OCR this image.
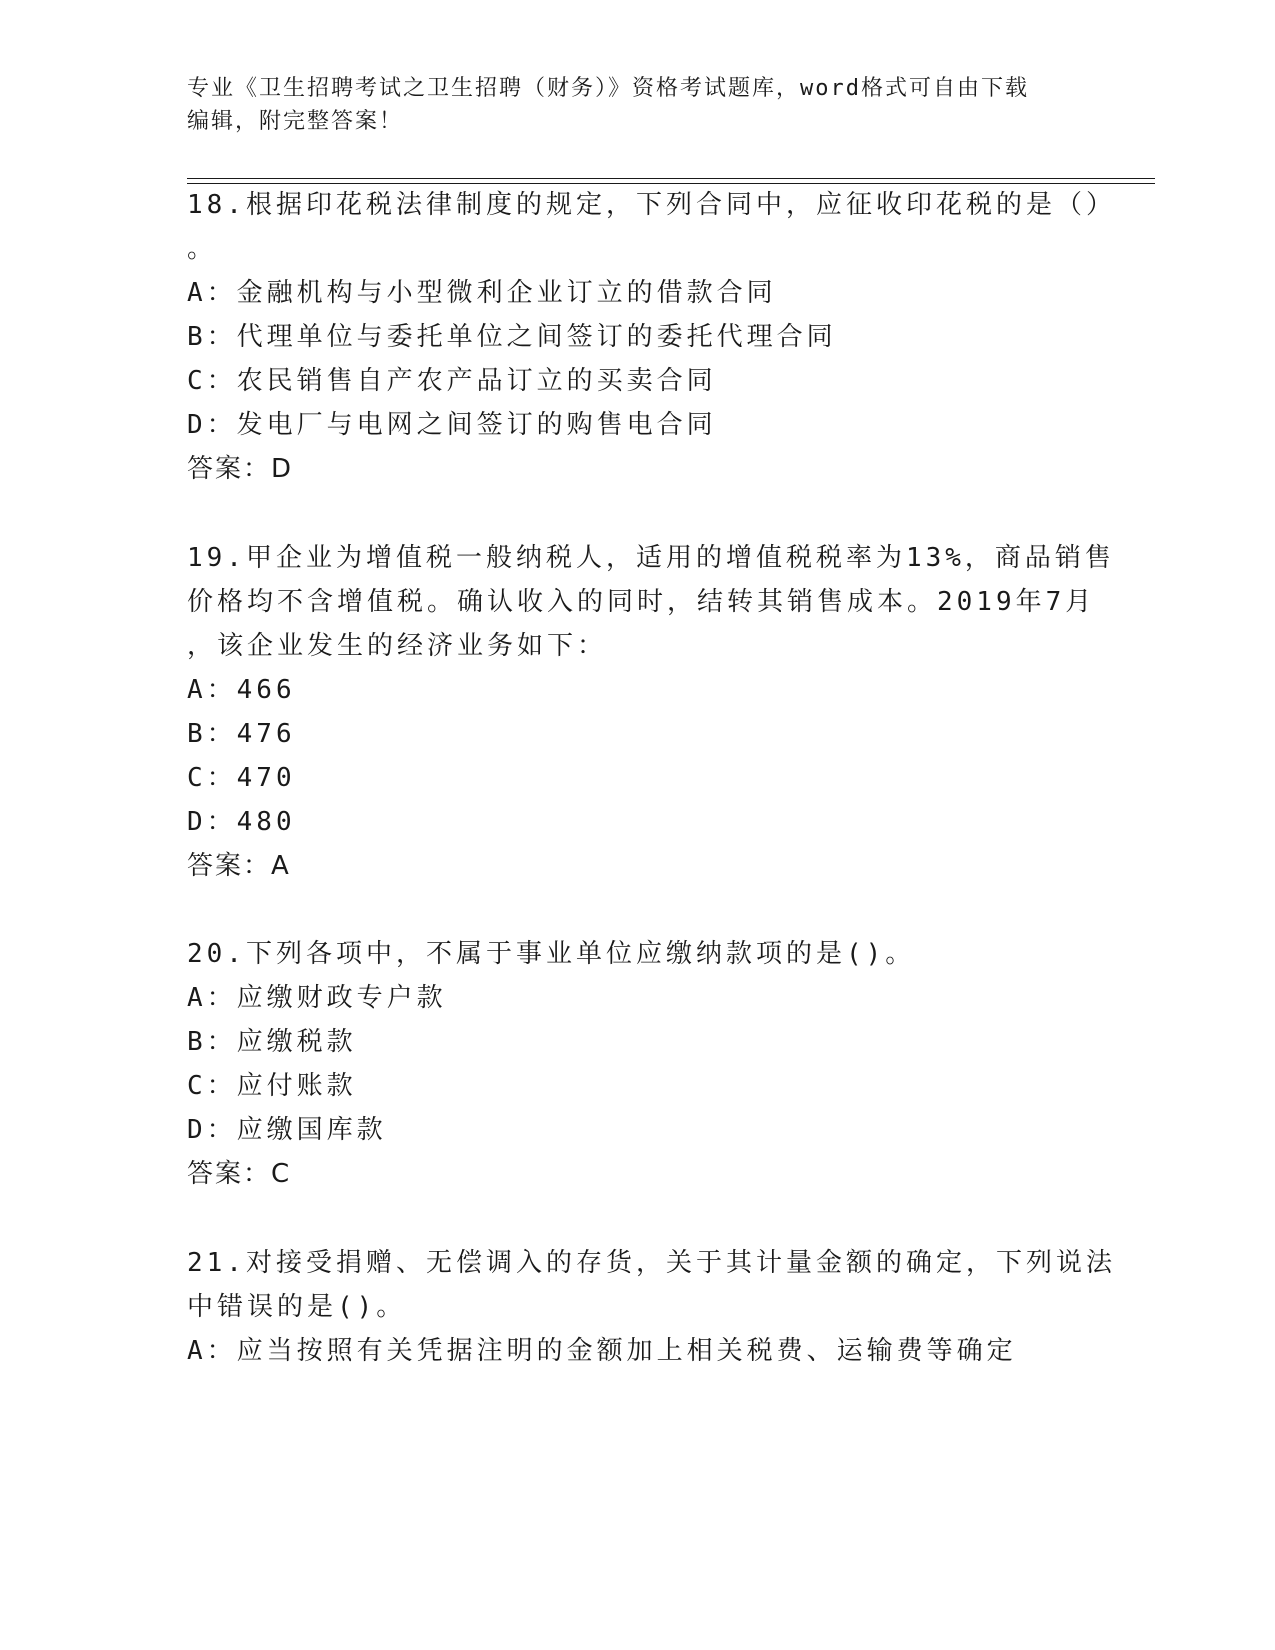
专业《卫生招聘考试之卫生招聘（财务）》资格考试题库，word格式可自由下载
编辑，附完整答案！
18.根据印花税法律制度的规定，下列合同中，应征收印花税的是（）
。
A：金融机构与小型微利企业订立的借款合同
B：代理单位与委托单位之间签订的委托代理合同
C：农民销售自产农产品订立的买卖合同
D：发电厂与电网之间签订的购售电合同
答案：D
19.甲企业为增值税一般纳税人，适用的增值税税率为13%，商品销售
价格均不含增值税。确认收入的同时，结转其销售成本。2019年7月
，该企业发生的经济业务如下：
A：466
B：476
C：470
D：480
答案：A
20.下列各项中，不属于事业单位应缴纳款项的是()。
A：应缴财政专户款
B：应缴税款
C：应付账款
D：应缴国库款
答案：C
21.对接受捐赠、无偿调入的存货，关于其计量金额的确定，下列说法
中错误的是()。
A：应当按照有关凭据注明的金额加上相关税费、运输费等确定
